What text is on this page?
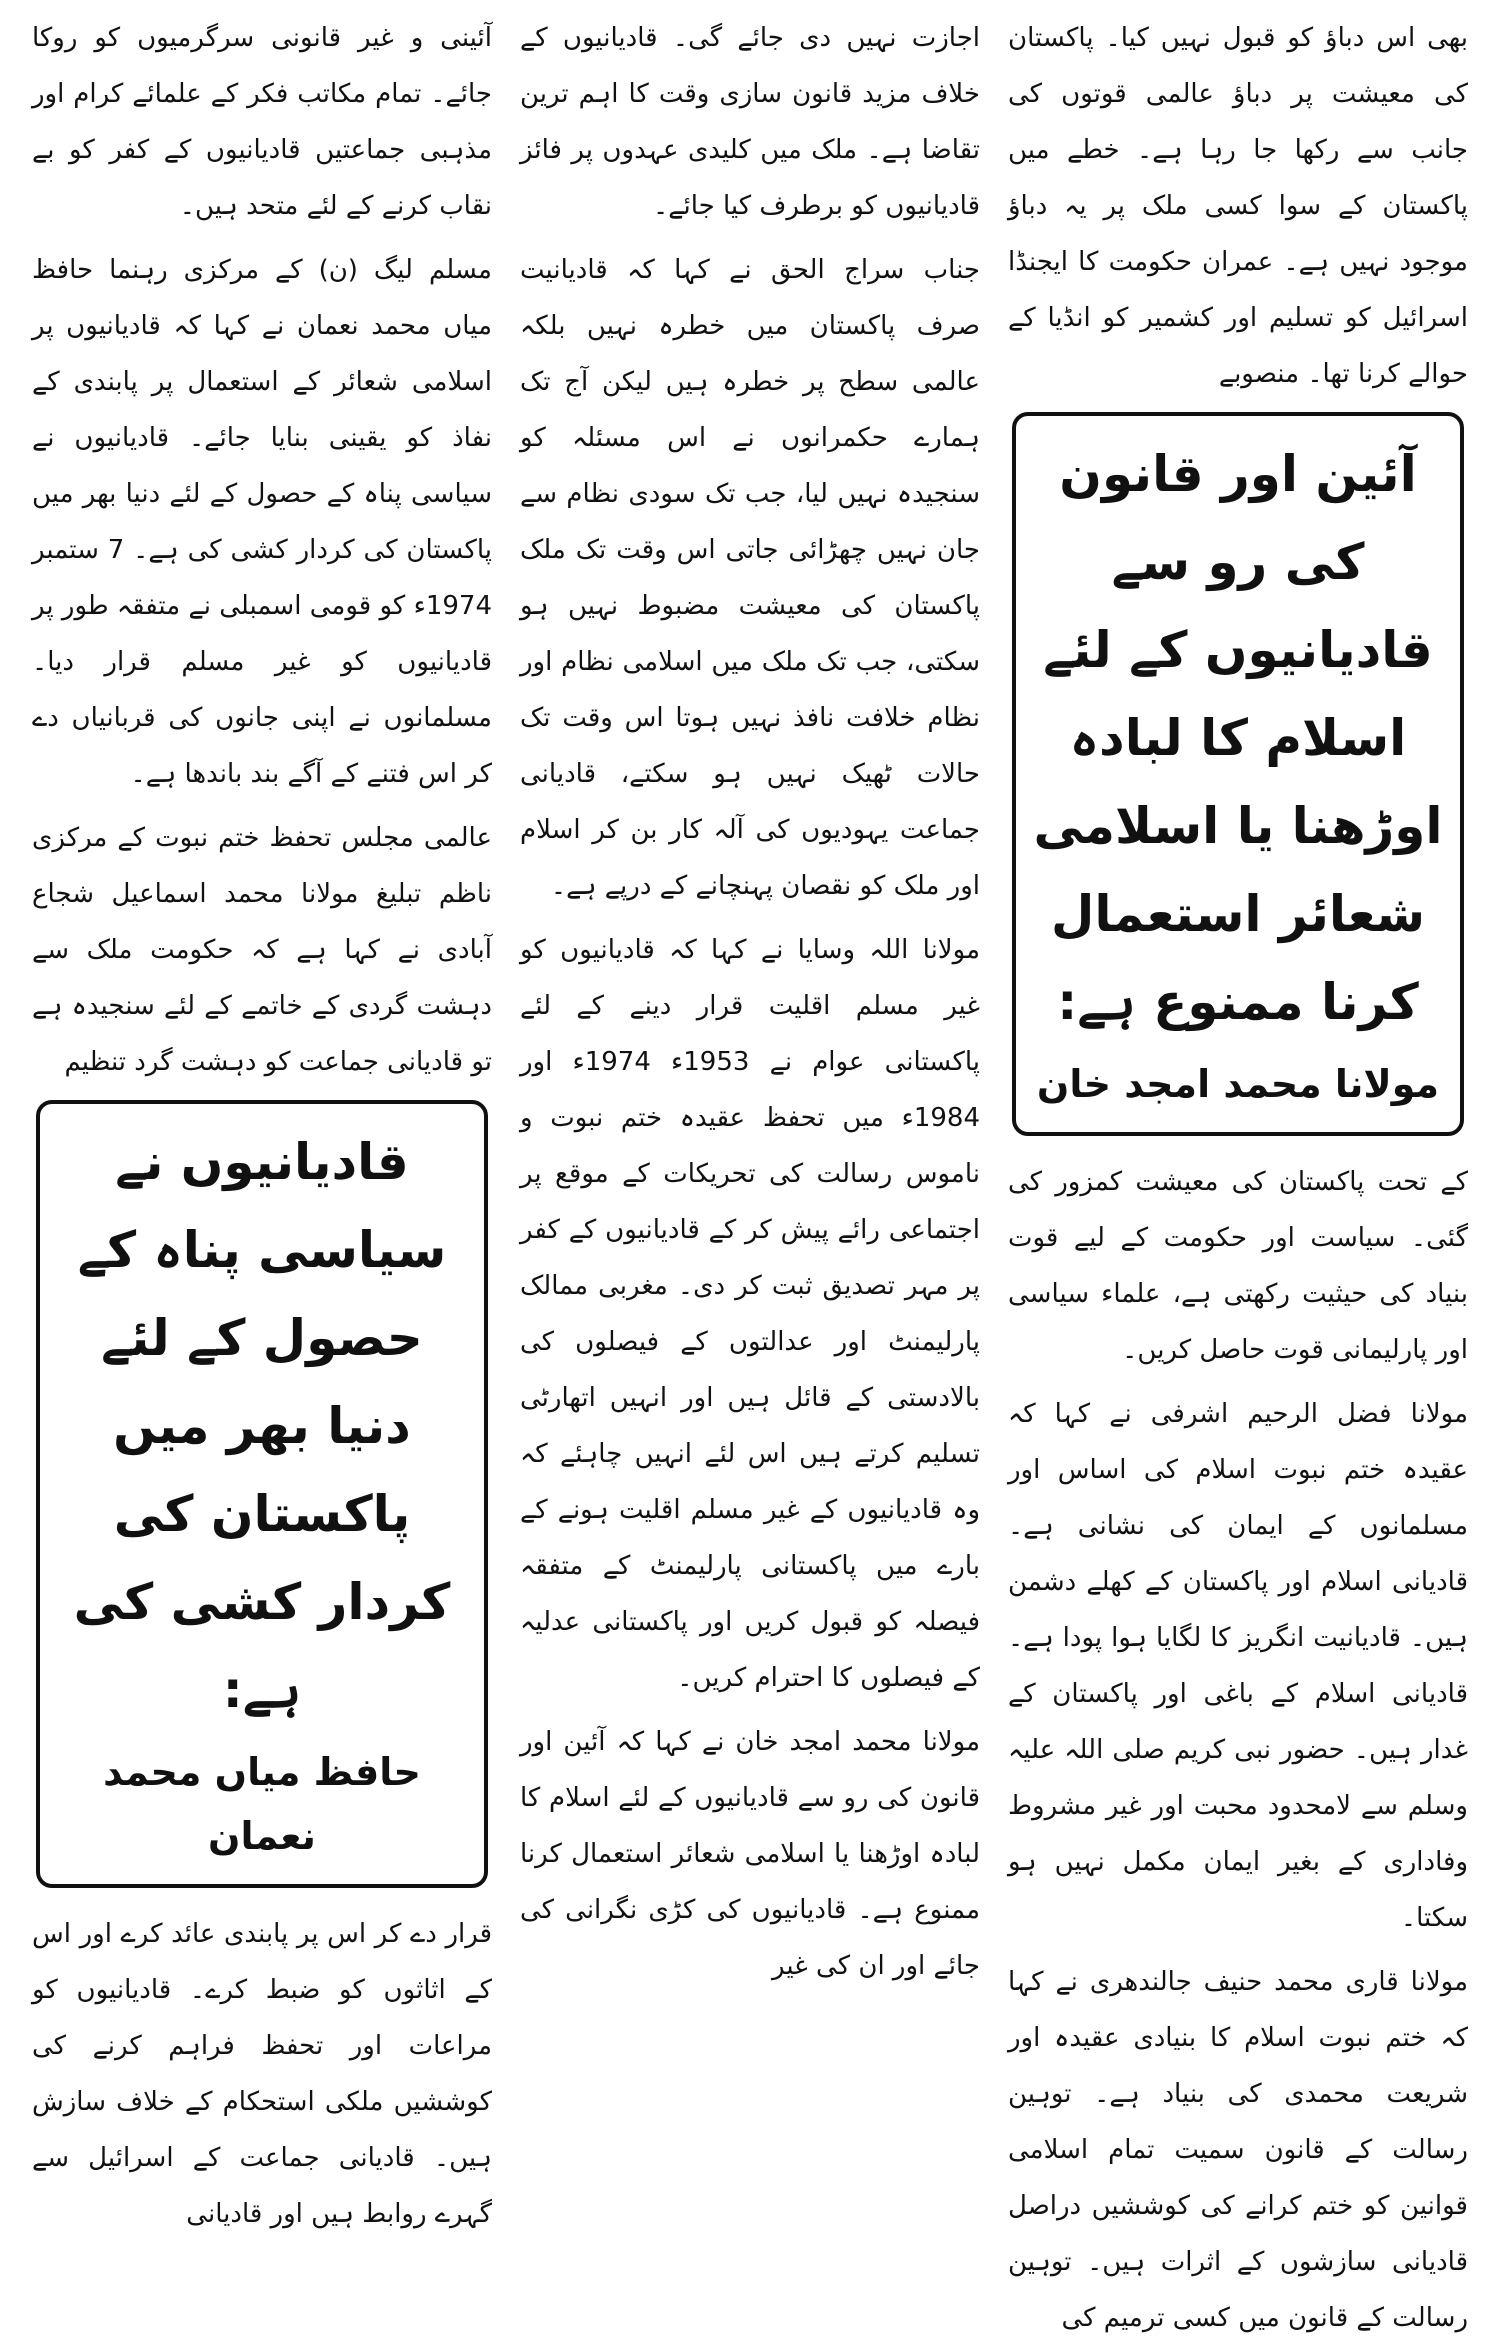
بھی اس دباؤ کو قبول نہیں کیا۔ پاکستان کی معیشت پر دباؤ عالمی قوتوں کی جانب سے رکھا جا رہا ہے۔ خطے میں پاکستان کے سوا کسی ملک پر یہ دباؤ موجود نہیں ہے۔ عمران حکومت کا ایجنڈا اسرائیل کو تسلیم اور کشمیر کو انڈیا کے حوالے کرنا تھا۔ منصوبے

آئین اور قانون کی رو سے قادیانیوں کے لئے اسلام کا لبادہ اوڑھنا یا اسلامی شعائر استعمال کرنا ممنوع ہے:

مولانا محمد امجد خان

کے تحت پاکستان کی معیشت کمزور کی گئی۔ سیاست اور حکومت کے لیے قوت بنیاد کی حیثیت رکھتی ہے، علماء سیاسی اور پارلیمانی قوت حاصل کریں۔

مولانا فضل الرحیم اشرفی نے کہا کہ عقیدہ ختم نبوت اسلام کی اساس اور مسلمانوں کے ایمان کی نشانی ہے۔ قادیانی اسلام اور پاکستان کے کھلے دشمن ہیں۔ قادیانیت انگریز کا لگایا ہوا پودا ہے۔ قادیانی اسلام کے باغی اور پاکستان کے غدار ہیں۔ حضور نبی کریم صلی اللہ علیہ وسلم سے لامحدود محبت اور غیر مشروط وفاداری کے بغیر ایمان مکمل نہیں ہو سکتا۔

مولانا قاری محمد حنیف جالندھری نے کہا کہ ختم نبوت اسلام کا بنیادی عقیدہ اور شریعت محمدی کی بنیاد ہے۔ توہین رسالت کے قانون سمیت تمام اسلامی قوانین کو ختم کرانے کی کوششیں دراصل قادیانی سازشوں کے اثرات ہیں۔ توہین رسالت کے قانون میں کسی ترمیم کی

اجازت نہیں دی جائے گی۔ قادیانیوں کے خلاف مزید قانون سازی وقت کا اہم ترین تقاضا ہے۔ ملک میں کلیدی عہدوں پر فائز قادیانیوں کو برطرف کیا جائے۔

جناب سراج الحق نے کہا کہ قادیانیت صرف پاکستان میں خطرہ نہیں بلکہ عالمی سطح پر خطرہ ہیں لیکن آج تک ہمارے حکمرانوں نے اس مسئلہ کو سنجیدہ نہیں لیا، جب تک سودی نظام سے جان نہیں چھڑائی جاتی اس وقت تک ملک پاکستان کی معیشت مضبوط نہیں ہو سکتی، جب تک ملک میں اسلامی نظام اور نظام خلافت نافذ نہیں ہوتا اس وقت تک حالات ٹھیک نہیں ہو سکتے، قادیانی جماعت یہودیوں کی آلہ کار بن کر اسلام اور ملک کو نقصان پہنچانے کے درپے ہے۔

مولانا اللہ وسایا نے کہا کہ قادیانیوں کو غیر مسلم اقلیت قرار دینے کے لئے پاکستانی عوام نے 1953ء 1974ء اور 1984ء میں تحفظ عقیدہ ختم نبوت و ناموس رسالت کی تحریکات کے موقع پر اجتماعی رائے پیش کر کے قادیانیوں کے کفر پر مہر تصدیق ثبت کر دی۔ مغربی ممالک پارلیمنٹ اور عدالتوں کے فیصلوں کی بالادستی کے قائل ہیں اور انہیں اتھارٹی تسلیم کرتے ہیں اس لئے انہیں چاہئے کہ وہ قادیانیوں کے غیر مسلم اقلیت ہونے کے بارے میں پاکستانی پارلیمنٹ کے متفقہ فیصلہ کو قبول کریں اور پاکستانی عدلیہ کے فیصلوں کا احترام کریں۔

مولانا محمد امجد خان نے کہا کہ آئین اور قانون کی رو سے قادیانیوں کے لئے اسلام کا لبادہ اوڑھنا یا اسلامی شعائر استعمال کرنا ممنوع ہے۔ قادیانیوں کی کڑی نگرانی کی جائے اور ان کی غیر

آئینی و غیر قانونی سرگرمیوں کو روکا جائے۔ تمام مکاتب فکر کے علمائے کرام اور مذہبی جماعتیں قادیانیوں کے کفر کو بے نقاب کرنے کے لئے متحد ہیں۔

مسلم لیگ (ن) کے مرکزی رہنما حافظ میاں محمد نعمان نے کہا کہ قادیانیوں پر اسلامی شعائر کے استعمال پر پابندی کے نفاذ کو یقینی بنایا جائے۔ قادیانیوں نے سیاسی پناہ کے حصول کے لئے دنیا بھر میں پاکستان کی کردار کشی کی ہے۔ 7 ستمبر 1974ء کو قومی اسمبلی نے متفقہ طور پر قادیانیوں کو غیر مسلم قرار دیا۔ مسلمانوں نے اپنی جانوں کی قربانیاں دے کر اس فتنے کے آگے بند باندھا ہے۔

عالمی مجلس تحفظ ختم نبوت کے مرکزی ناظم تبلیغ مولانا محمد اسماعیل شجاع آبادی نے کہا ہے کہ حکومت ملک سے دہشت گردی کے خاتمے کے لئے سنجیدہ ہے تو قادیانی جماعت کو دہشت گرد تنظیم

قادیانیوں نے سیاسی پناہ کے حصول کے لئے دنیا بھر میں پاکستان کی کردار کشی کی ہے:

حافظ میاں محمد نعمان

قرار دے کر اس پر پابندی عائد کرے اور اس کے اثاثوں کو ضبط کرے۔ قادیانیوں کو مراعات اور تحفظ فراہم کرنے کی کوششیں ملکی استحکام کے خلاف سازش ہیں۔ قادیانی جماعت کے اسرائیل سے گہرے روابط ہیں اور قادیانی
